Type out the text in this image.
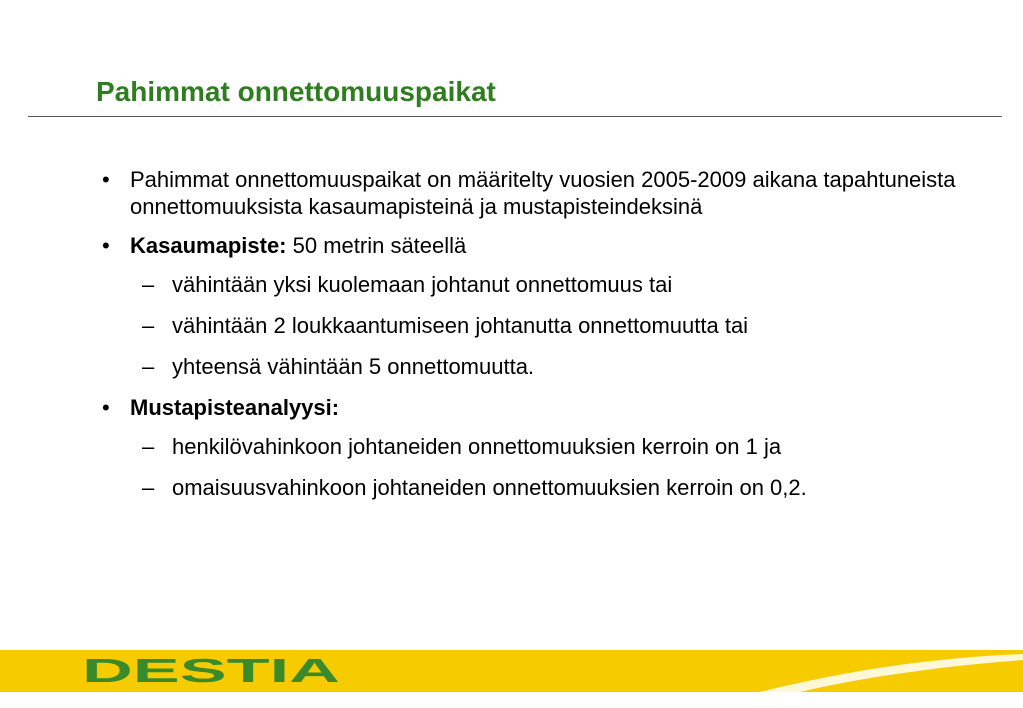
Pahimmat onnettomuuspaikat
• Pahimmat onnettomuuspaikat on määritelty vuosien 2005-2009 aikana tapahtuneista onnettomuuksista kasaumapisteinä ja mustapisteindeksinä
• Kasaumapiste: 50 metrin säteellä
– vähintään yksi kuolemaan johtanut onnettomuus tai
– vähintään 2 loukkaantumiseen johtanutta onnettomuutta tai
– yhteensä vähintään 5 onnettomuutta.
• Mustapisteanalyysi:
– henkilövahinkoon johtaneiden onnettomuuksien kerroin on 1 ja
– omaisuusvahinkoon johtaneiden onnettomuuksien kerroin on 0,2.
DESTIA
